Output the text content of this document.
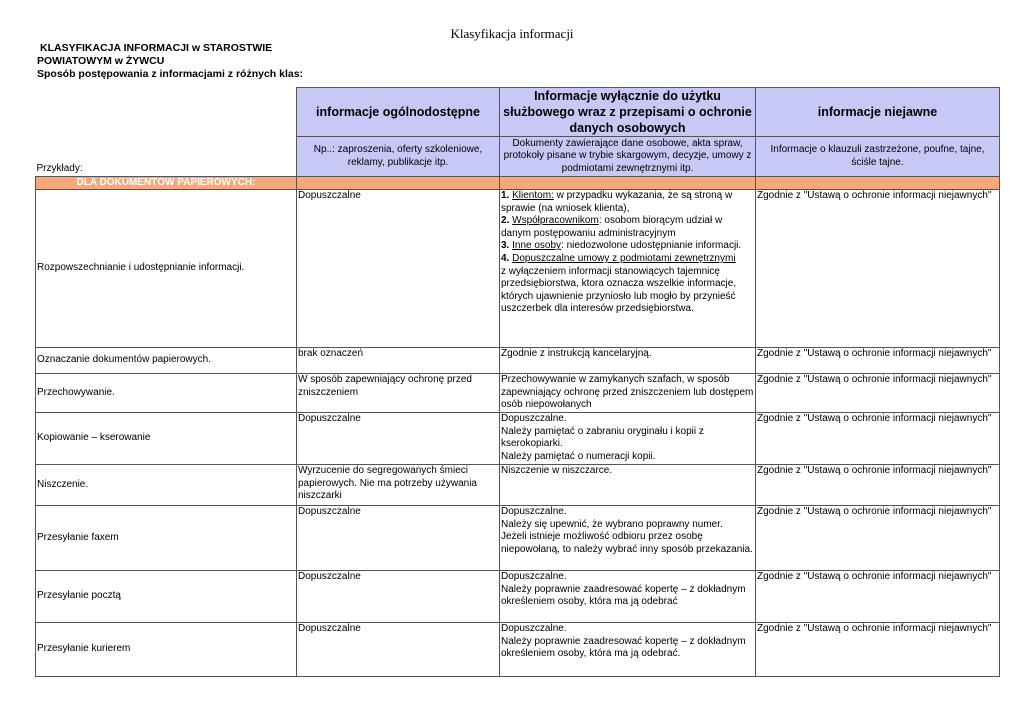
Klasyfikacja informacji
KLASYFIKACJA INFORMACJI w STAROSTWIE
POWIATOWYM w ŻYWCU
Sposób postępowania z informacjami z różnych klas:
	informacje ogólnodostępne	Informacje wyłącznie do użytku służbowego wraz z przepisami o ochronie danych osobowych	informacje niejawne
Przykłady:	Np..: zaproszenia, oferty szkoleniowe, reklamy, publikacje itp.	Dokumenty zawierające dane osobowe, akta spraw, protokoły pisane w trybie skargowym, decyzje, umowy z podmiotami zewnętrznymi itp.	Informacje o klauzuli zastrzeżone, poufne, tajne, ściśle tajne.
DLA DOKUMENTÓW PAPIEROWYCH:			
Rozpowszechnianie i udostępnianie informacji.	Dopuszczalne	1. Klientom: w przypadku wykazania, że są stroną w sprawie (na wniosek klienta),
2. Współpracownikom: osobom biorącym udział w danym postępowaniu administracyjnym
3. Inne osoby: niedozwolone udostępnianie informacji.
4. Dopuszczalne umowy z podmiotami zewnętrznymi
z wyłączeniem informacji stanowiących tajemnicę przedsiębiorstwa, ktora oznacza wszelkie informacje, których ujawnienie przyniosło lub mogło by przynieść uszczerbek dla interesów przedsiębiorstwa.	Zgodnie z "Ustawą o ochronie informacji niejawnych"
Oznaczanie dokumentów papierowych.	brak oznaczeń	Zgodnie z instrukcją kancelaryjną.	Zgodnie z "Ustawą o ochronie informacji niejawnych"
Przechowywanie.	W sposób zapewniający ochronę przed zniszczeniem	Przechowywanie w zamykanych szafach, w sposób zapewniający ochronę przed zniszczeniem lub dostępem osób niepowołanych	Zgodnie z "Ustawą o ochronie informacji niejawnych"
Kopiowanie – kserowanie	Dopuszczalne	Dopuszczalne.
Należy pamiętać o zabraniu oryginału i kopii z kserokopiarki.
Należy pamiętać o numeracji kopii.	Zgodnie z "Ustawą o ochronie informacji niejawnych"
Niszczenie.	Wyrzucenie do segregowanych śmieci papierowych. Nie ma potrzeby używania niszczarki	Niszczenie w niszczarce.	Zgodnie z "Ustawą o ochronie informacji niejawnych"
Przesyłanie faxem	Dopuszczalne	Dopuszczalne.
Należy się upewnić, że wybrano poprawny numer.
Jeżeli istnieje możliwość odbioru przez osobę niepowołaną, to należy wybrać inny sposób przekazania.	Zgodnie z "Ustawą o ochronie informacji niejawnych"
Przesyłanie pocztą	Dopuszczalne	Dopuszczalne.
Należy poprawnie zaadresować kopertę – z dokładnym określeniem osoby, która ma ją odebrać	Zgodnie z "Ustawą o ochronie informacji niejawnych"
Przesyłanie kurierem	Dopuszczalne	Dopuszczalne.
Należy poprawnie zaadresować kopertę – z dokładnym określeniem osoby, która ma ją odebrać.	Zgodnie z "Ustawą o ochronie informacji niejawnych"
